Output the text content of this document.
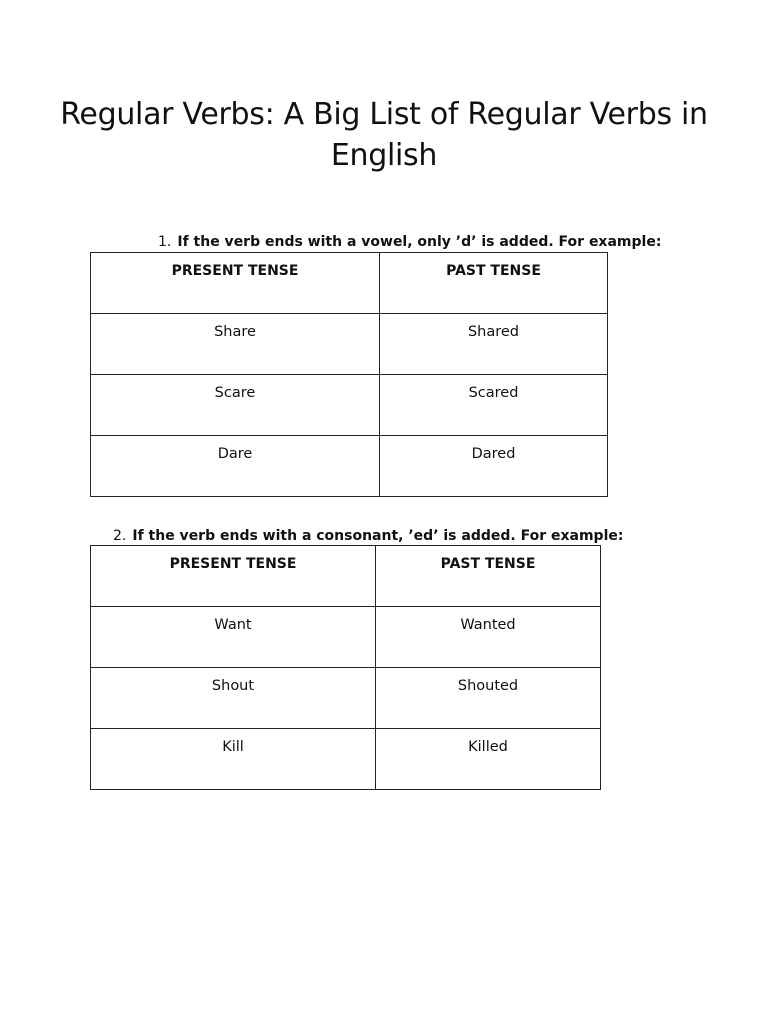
Regular Verbs: A Big List of Regular Verbs in English
1. If the verb ends with a vowel, only ’d’ is added. For example:
PRESENT TENSE	PAST TENSE
Share	Shared
Scare	Scared
Dare	Dared
2. If the verb ends with a consonant, ’ed’ is added. For example:
PRESENT TENSE	PAST TENSE
Want	Wanted
Shout	Shouted
Kill	Killed
